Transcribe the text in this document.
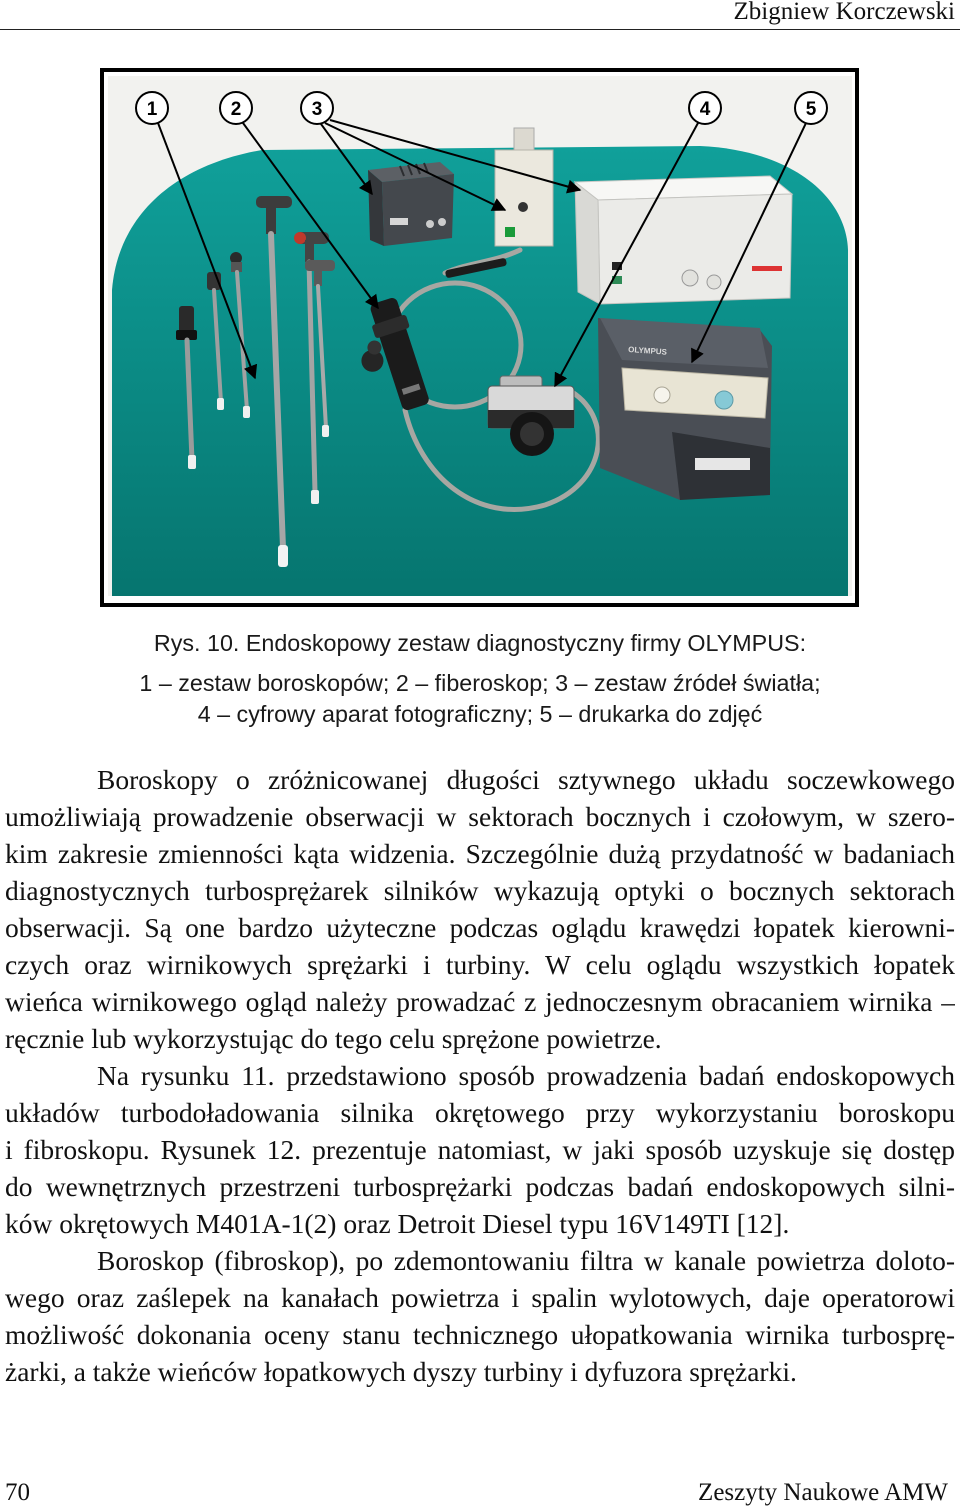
Zbigniew Korczewski
OLYMPUS
1	2	3	4	5
Rys. 10. Endoskopowy zestaw diagnostyczny firmy OLYMPUS:
1 – zestaw boroskopów; 2 – fiberoskop; 3 – zestaw źródeł światła;
4 – cyfrowy aparat fotograficzny; 5 – drukarka do zdjęć
Boroskopy o zróżnicowanej długości sztywnego układu soczewkowego
umożliwiają prowadzenie obserwacji w sektorach bocznych i czołowym, w szero-
kim zakresie zmienności kąta widzenia. Szczególnie dużą przydatność w badaniach
diagnostycznych turbosprężarek silników wykazują optyki o bocznych sektorach
obserwacji. Są one bardzo użyteczne podczas oglądu krawędzi łopatek kierowni-
czych oraz wirnikowych sprężarki i turbiny. W celu oglądu wszystkich łopatek
wieńca wirnikowego ogląd należy prowadzać z jednoczesnym obracaniem wirnika –
ręcznie lub wykorzystując do tego celu sprężone powietrze.
Na rysunku 11. przedstawiono sposób prowadzenia badań endoskopowych
układów turbodoładowania silnika okrętowego przy wykorzystaniu boroskopu
i fibroskopu. Rysunek 12. prezentuje natomiast, w jaki sposób uzyskuje się dostęp
do wewnętrznych przestrzeni turbosprężarki podczas badań endoskopowych silni-
ków okrętowych M401A-1(2) oraz Detroit Diesel typu 16V149TI [12].
Boroskop (fibroskop), po zdemontowaniu filtra w kanale powietrza doloto-
wego oraz zaślepek na kanałach powietrza i spalin wylotowych, daje operatorowi
możliwość dokonania oceny stanu technicznego ułopatkowania wirnika turbosprę-
żarki, a także wieńców łopatkowych dyszy turbiny i dyfuzora sprężarki.
70	Zeszyty Naukowe AMW
